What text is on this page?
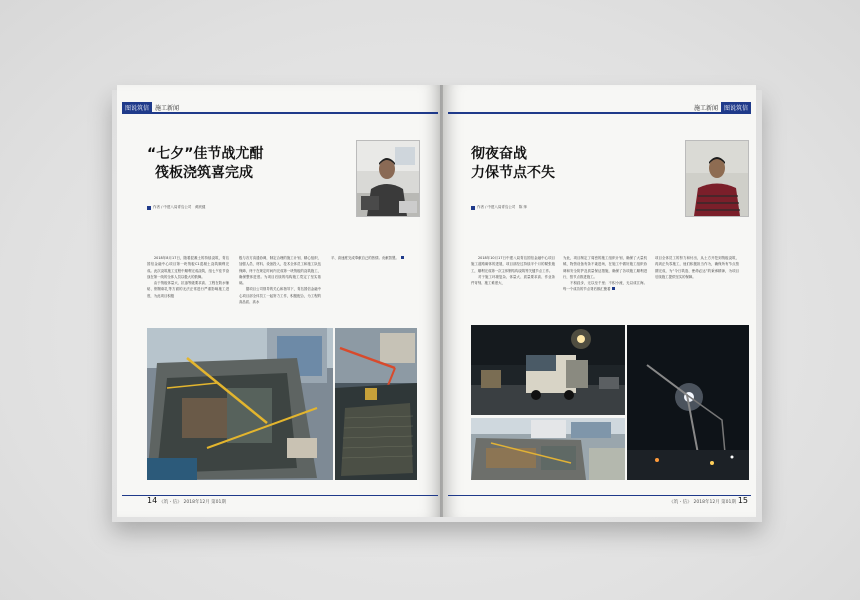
图说筑信	施工新闻
“七夕”佳节战尤酣
筏板浇筑喜完成
作者 / 中建八局青岛公司　黄跃健
　　2018年8月17日，随着混凝土的持续浇筑，青岛国信金融中心项目第一块筏板C1混凝土浇筑顺利完成。此次浇筑施工过程中顺利完成浇筑，组七夕佳节奋战在第一线的全体人员以极大的鼓舞。
　　由于筏板体量大、抗渗等级要求高、工程在防水铺贴、钢筋绑扎等方面的无法正常进行严重影响施工进度，为此项目积极
极与各方沟通协调，制定合理的施工计划，精心组织，加强人员、材料、设备投入，技术全体员工和施工队伍保障，终于在规定时间内完成第一块筏板的浇筑施工，确保整体进度。为项目后续的结构施工奠定了坚实基础。
　　据项目公司领导的关心和指导下，青岛国信金融中心项目部全体员工一起努力工作，积极配合，为工程的高品质、高水
平、高速度完成奉献自己的热情。贡献智慧。
14 《筑・信》 2018年12月 第01期
施工新闻	图说筑信
彻夜奋战
力保节点不失
作者 / 中建八局青岛公司　陈 帅
　　2018年10月17日中建八局青岛国信金融中心项目施工道路砌体的进展，项目部经过持续半个月的紧张施工，顺利完成第一次主体钢结构浇筑等关键节点工作。
　　对于施工环境复杂、体量大、质量要求高、作业条件苛刻、施工难度大、
为此，项目制定了周密的施工组织计划，确保了大量机械、物资设备有条不紊进场，在施工中做好施工组织协调和安全防护及质量保证措施，确保了各项施工顺利进行，按节点推进施工。
　　不积跬步，无以至千里；不积小流，无以成江海。每一个成功的节点背后都汇聚着
项目全体员工的努力和付出，从土方开挖到筏板浇筑，再到正负零施工，他们积极担当作为，确保所有节点按期完成，为“今日筑造、使命必达”的秉承精神，为项目后续施工提供坚实的保障。
《筑・信》 2018年12月 第01期 15
